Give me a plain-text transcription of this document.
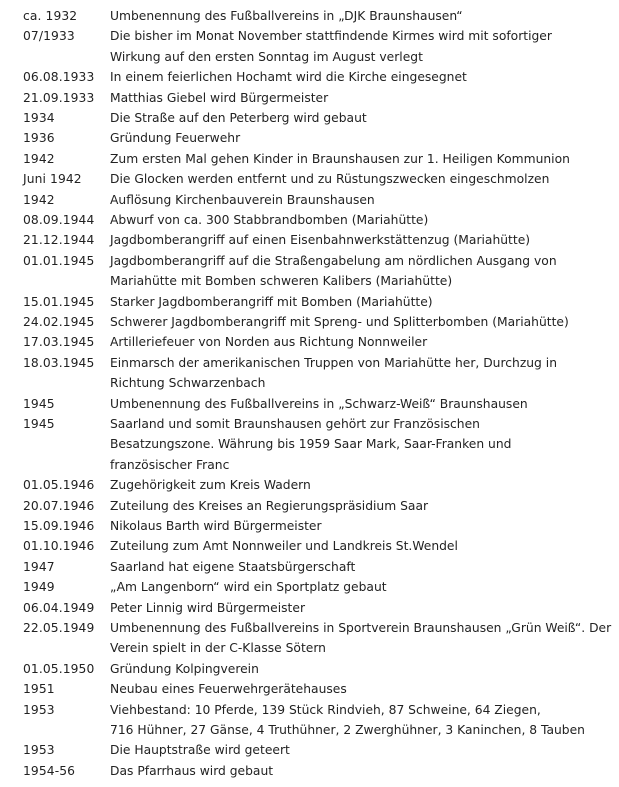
ca. 1932	Umbenennung des Fußballvereins in „DJK Braunshausen“
07/1933	Die bisher im Monat November stattfindende Kirmes wird mit sofortiger
Wirkung auf den ersten Sonntag im August verlegt
06.08.1933	In einem feierlichen Hochamt wird die Kirche eingesegnet
21.09.1933	Matthias Giebel wird Bürgermeister
1934	Die Straße auf den Peterberg wird gebaut
1936	Gründung Feuerwehr
1942	Zum ersten Mal gehen Kinder in Braunshausen zur 1. Heiligen Kommunion
Juni 1942	Die Glocken werden entfernt und zu Rüstungszwecken eingeschmolzen
1942	Auflösung Kirchenbauverein Braunshausen
08.09.1944	Abwurf von ca. 300 Stabbrandbomben (Mariahütte)
21.12.1944	Jagdbomberangriff auf einen Eisenbahnwerkstättenzug (Mariahütte)
01.01.1945	Jagdbomberangriff auf die Straßengabelung am nördlichen Ausgang von
Mariahütte mit Bomben schweren Kalibers (Mariahütte)
15.01.1945	Starker Jagdbomberangriff mit Bomben (Mariahütte)
24.02.1945	Schwerer Jagdbomberangriff mit Spreng- und Splitterbomben (Mariahütte)
17.03.1945	Artilleriefeuer von Norden aus Richtung Nonnweiler
18.03.1945	Einmarsch der amerikanischen Truppen von Mariahütte her, Durchzug in
Richtung Schwarzenbach
1945	Umbenennung des Fußballvereins in „Schwarz-Weiß“ Braunshausen
1945	Saarland und somit Braunshausen gehört zur Französischen
Besatzungszone. Währung bis 1959 Saar Mark, Saar-Franken und
französischer Franc
01.05.1946	Zugehörigkeit zum Kreis Wadern
20.07.1946	Zuteilung des Kreises an Regierungspräsidium Saar
15.09.1946	Nikolaus Barth wird Bürgermeister
01.10.1946	Zuteilung zum Amt Nonnweiler und Landkreis St.Wendel
1947	Saarland hat eigene Staatsbürgerschaft
1949	„Am Langenborn“ wird ein Sportplatz gebaut
06.04.1949	Peter Linnig wird Bürgermeister
22.05.1949	Umbenennung des Fußballvereins in Sportverein Braunshausen „Grün Weiß“. Der
Verein spielt in der C-Klasse Sötern
01.05.1950	Gründung Kolpingverein
1951	Neubau eines Feuerwehrgerätehauses
1953	Viehbestand: 10 Pferde, 139 Stück Rindvieh, 87 Schweine, 64 Ziegen,
716 Hühner, 27 Gänse, 4 Truthühner, 2 Zwerghühner, 3 Kaninchen, 8 Tauben
1953	Die Hauptstraße wird geteert
1954-56	Das Pfarrhaus wird gebaut
